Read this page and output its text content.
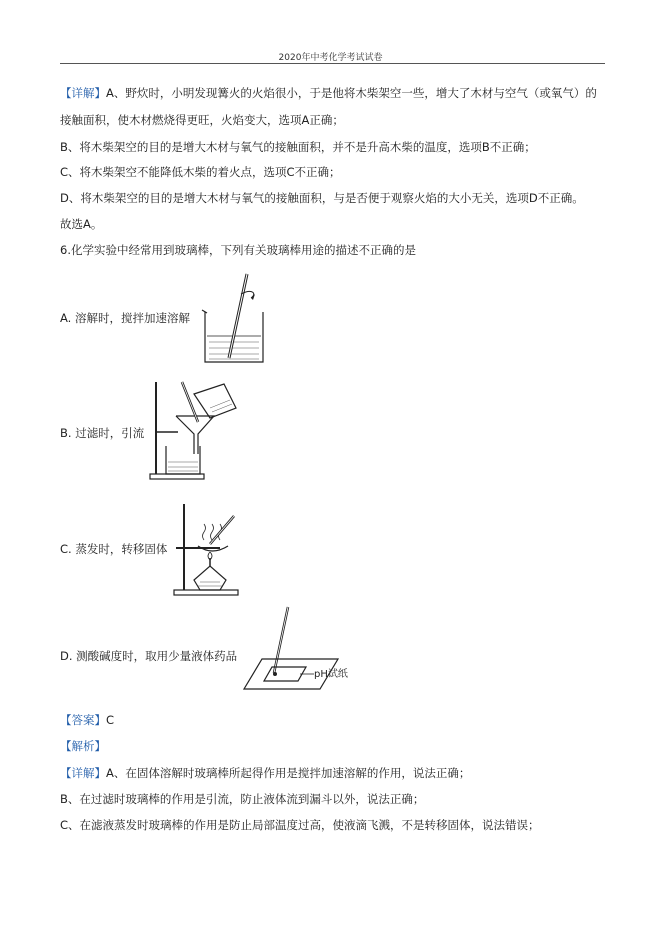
2020年中考化学考试试卷
【详解】A、野炊时，小明发现篝火的火焰很小，于是他将木柴架空一些，增大了木材与空气（或氧气）的
接触面积，使木材燃烧得更旺，火焰变大，选项A正确；
B、将木柴架空的目的是增大木材与氧气的接触面积，并不是升高木柴的温度，选项B不正确；
C、将木柴架空不能降低木柴的着火点，选项C不正确；
D、将木柴架空的目的是增大木材与氧气的接触面积，与是否便于观察火焰的大小无关，选项D不正确。
故选A。
6.化学实验中经常用到玻璃棒，下列有关玻璃棒用途的描述不正确的是
A. 溶解时，搅拌加速溶解
B. 过滤时，引流
C. 蒸发时，转移固体
D. 测酸碱度时，取用少量液体药品
pH试纸
【答案】C
【解析】
【详解】A、在固体溶解时玻璃棒所起得作用是搅拌加速溶解的作用，说法正确；
B、在过滤时玻璃棒的作用是引流，防止液体流到漏斗以外，说法正确；
C、在滤液蒸发时玻璃棒的作用是防止局部温度过高，使液滴飞溅，不是转移固体，说法错误；
